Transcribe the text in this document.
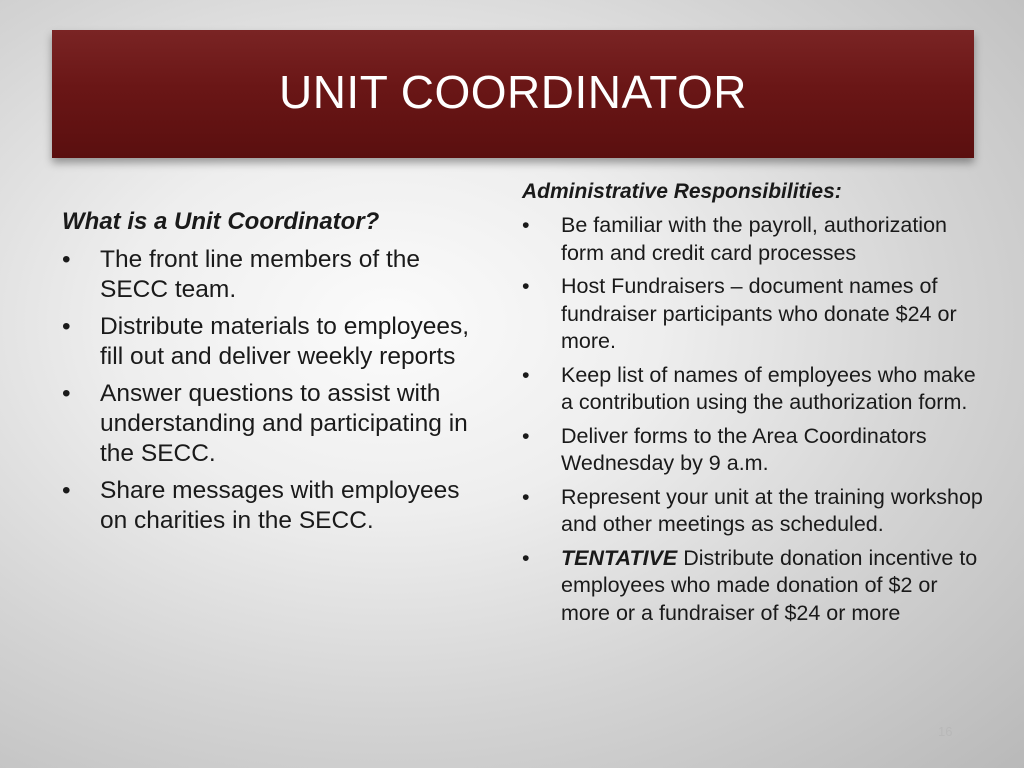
UNIT COORDINATOR

What is a Unit Coordinator?

• The front line members of the SECC team.
• Distribute materials to employees, fill out and deliver weekly reports
• Answer questions to assist with understanding and participating in the SECC.
• Share messages with employees on charities in the SECC.

Administrative Responsibilities:

• Be familiar with the payroll, authorization form and credit card processes
• Host Fundraisers – document names of fundraiser participants who donate $24 or more.
• Keep list of names of employees who make a contribution using the authorization form.
• Deliver forms to the Area Coordinators Wednesday by 9 a.m.
• Represent your unit at the training workshop and other meetings as scheduled.
• TENTATIVE Distribute donation incentive to employees who made donation of $2 or more or a fundraiser of $24 or more
16
